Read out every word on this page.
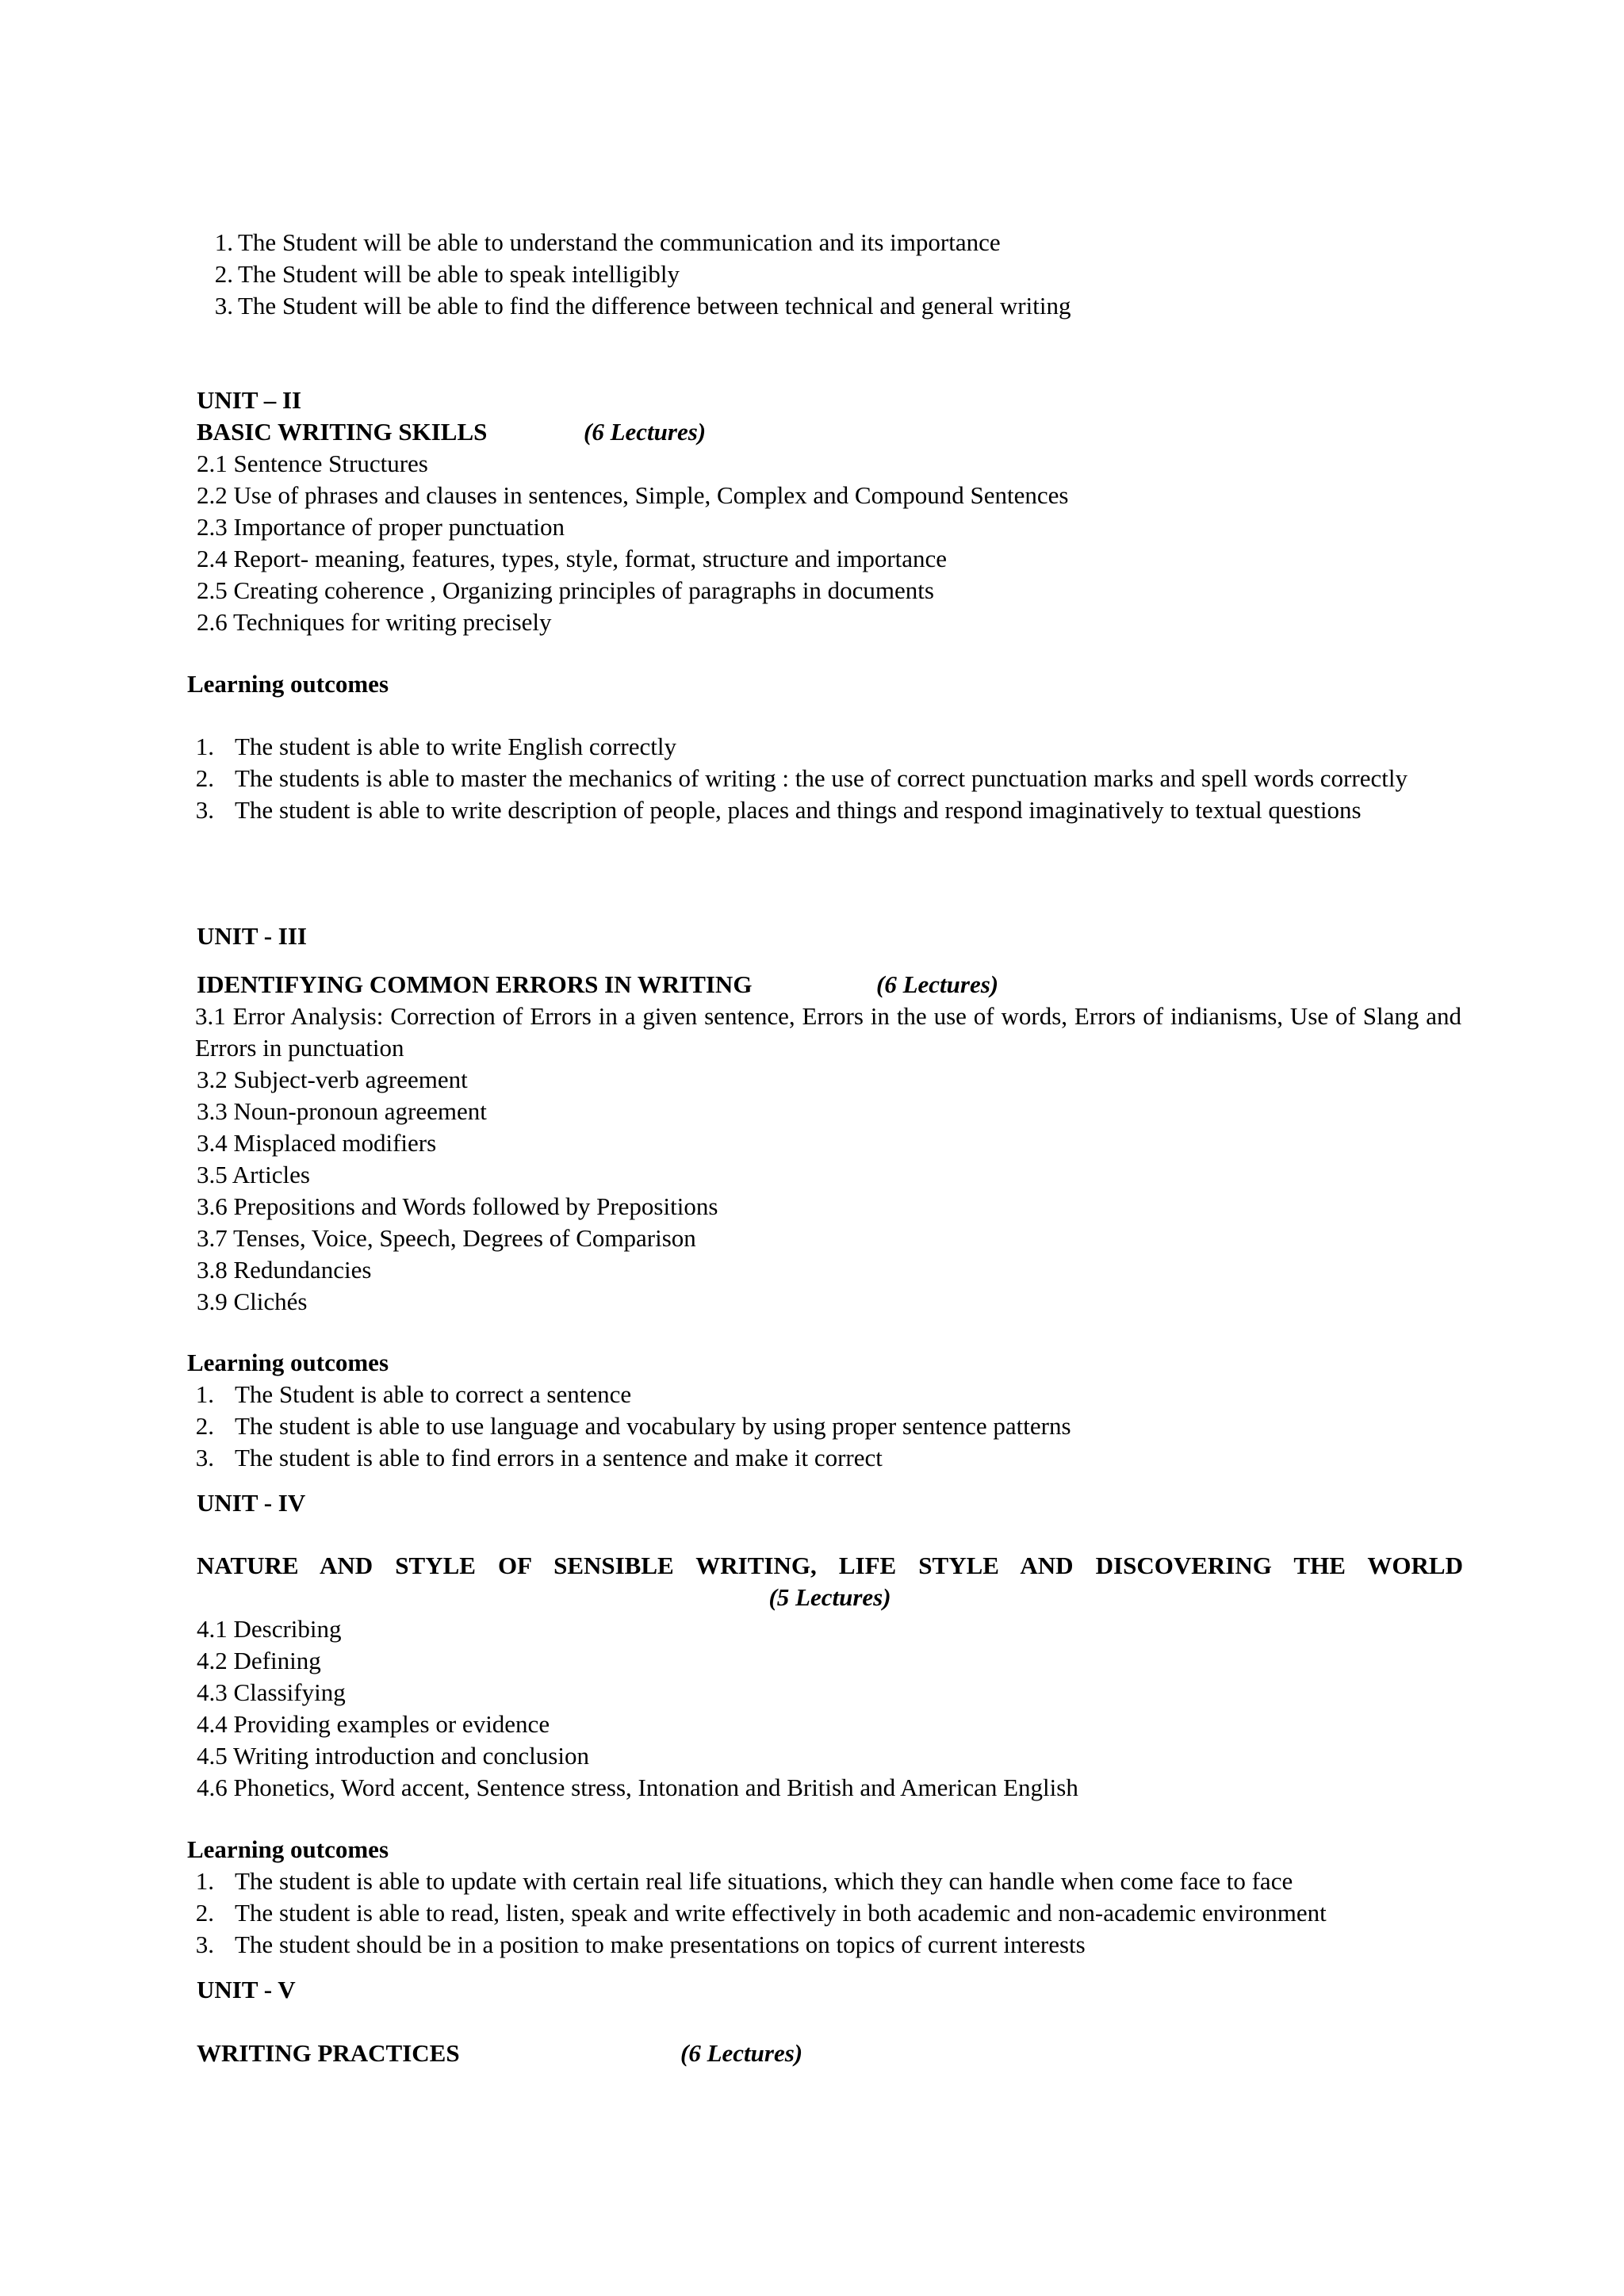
1. The Student will be able to understand the communication and its importance
2. The Student will be able to speak intelligibly
3. The Student will be able to find the difference between technical and general writing
UNIT – II
BASIC WRITING SKILLS	(6 Lectures)
2.1 Sentence Structures
2.2 Use of phrases and clauses in sentences, Simple, Complex and Compound Sentences
2.3 Importance of proper punctuation
2.4 Report- meaning, features, types, style, format, structure and importance
2.5 Creating coherence , Organizing principles of paragraphs in documents
2.6 Techniques for writing precisely
Learning outcomes
1. The student is able to write English correctly
2. The students is able to master the mechanics of writing : the use of correct punctuation marks and spell words correctly
3. The student is able to write description of people, places and things and respond imaginatively to textual questions
UNIT - III
IDENTIFYING COMMON ERRORS IN WRITING	(6 Lectures)
3.1 Error Analysis: Correction of Errors in a given sentence, Errors in the use of words, Errors of indianisms, Use of Slang and Errors in punctuation
3.2 Subject-verb agreement
3.3 Noun-pronoun agreement
3.4 Misplaced modifiers
3.5 Articles
3.6 Prepositions and Words followed by Prepositions
3.7 Tenses, Voice, Speech, Degrees of Comparison
3.8 Redundancies
3.9 Clichés
Learning outcomes
1. The Student is able to correct a sentence
2. The student is able to use language and vocabulary by using proper sentence patterns
3. The student is able to find errors in a sentence and make it correct
UNIT - IV
NATURE AND STYLE OF SENSIBLE WRITING, LIFE STYLE AND DISCOVERING THE WORLD
(5 Lectures)
4.1 Describing
4.2 Defining
4.3 Classifying
4.4 Providing examples or evidence
4.5 Writing introduction and conclusion
4.6 Phonetics, Word accent, Sentence stress, Intonation and British and American English
Learning outcomes
1. The student is able to update with certain real life situations, which they can handle when come face to face
2. The student is able to read, listen, speak and write effectively in both academic and non-academic environment
3. The student should be in a position to make presentations on topics of current interests
UNIT - V
WRITING PRACTICES	(6 Lectures)
